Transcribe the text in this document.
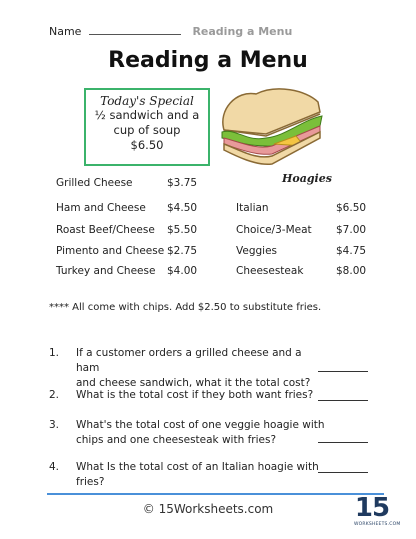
Name	Reading a Menu
Reading a Menu
Today's Special
½ sandwich and a
cup of soup
$6.50
Hoagies
Grilled Cheese	$3.75
Ham and Cheese $4.50
Roast Beef/Cheese $5.50
Pimento and Cheese $2.75
Turkey and Cheese $4.00
Italian	$6.50
Choice/3-Meat $7.00
Veggies	$4.75
Cheesesteak	$8.00
**** All come with chips. Add $2.50 to substitute fries.
1. If a customer orders a grilled cheese and a ham
and cheese sandwich, what it the total cost?
2. What is the total cost if they both want fries?
3. What's the total cost of one veggie hoagie with
chips and one cheesesteak with fries?
4. What Is the total cost of an Italian hoagie with fries?
© 15Worksheets.com	15
WORKSHEETS.COM
